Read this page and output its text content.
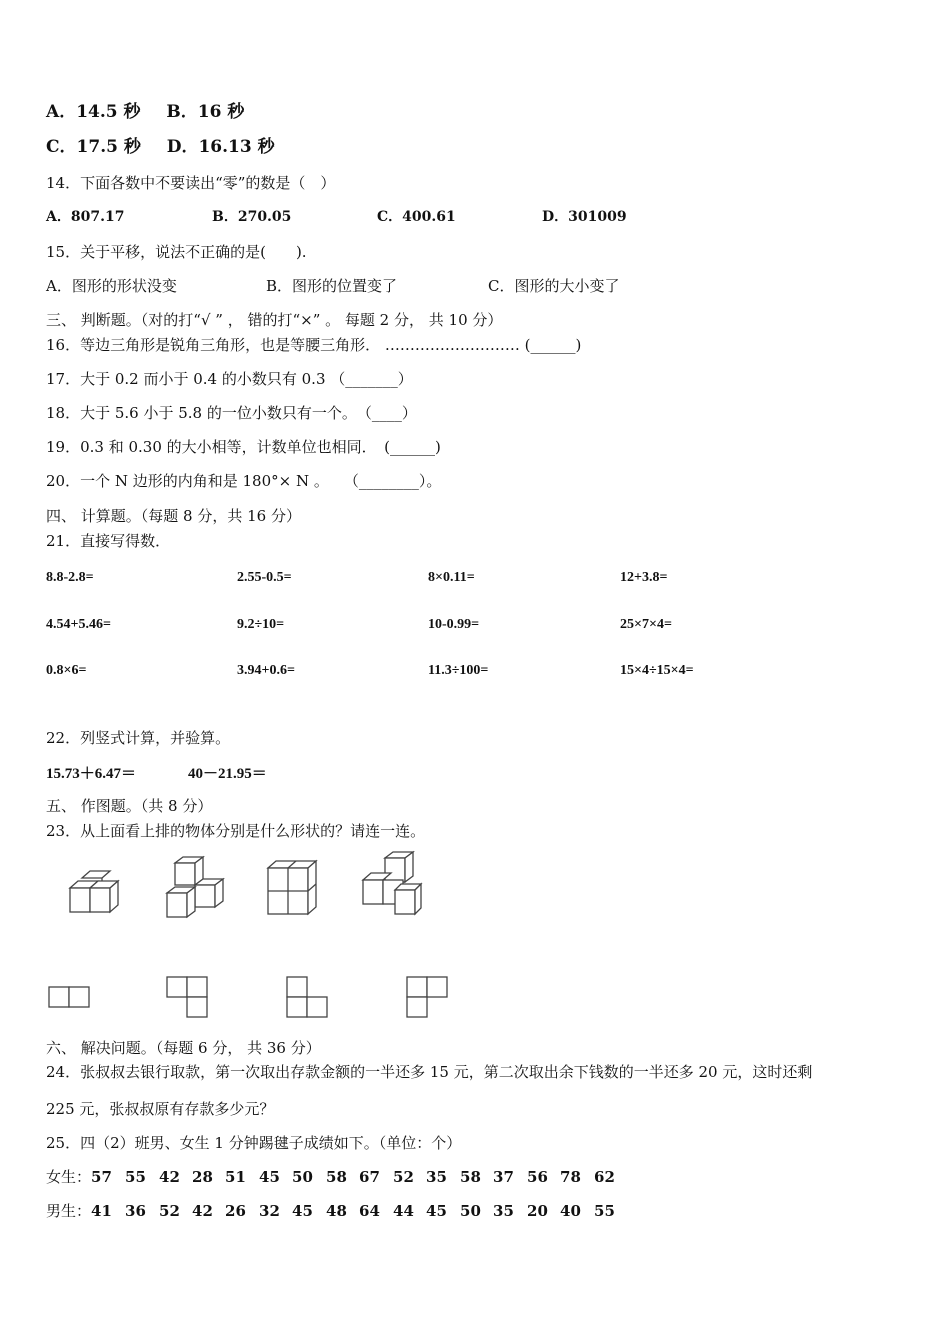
A．14.5 秒 B．16 秒
C．17.5 秒 D．16.13 秒
14．下面各数中不要读出“零”的数是（　）
A．807.17	B．270.05	C．400.61	D．301009
15．关于平移，说法不正确的是(　　).
A．图形的形状没变	B．图形的位置变了	C．图形的大小变了
三、 判断题。（对的打“√ ” ， 错的打“×” 。 每题 2 分， 共 10 分）
16．等边三角形是锐角三角形，也是等腰三角形． ……………………… (______)
17．大于 0.2 而小于 0.4 的小数只有 0.3 （_______）
18．大于 5.6 小于 5.8 的一位小数只有一个。　（____）
19．0.3 和 0.30 的大小相等，计数单位也相同．　(______)
20．一个 N 边形的内角和是 180°× N 。　　（________）。
四、 计算题。（每题 8 分，共 16 分）
21．直接写得数．
8.8-2.8=	2.55-0.5=	8×0.11=	12+3.8=
4.54+5.46=	9.2÷10=	10-0.99=	25×7×4=
0.8×6=	3.94+0.6=	11.3÷100=	15×4÷15×4=
22．列竖式计算，并验算。
15.73＋6.47＝	40－21.95＝
五、 作图题。（共 8 分）
23．从上面看上排的物体分别是什么形状的？请连一连。
六、 解决问题。（每题 6 分， 共 36 分）
24．张叔叔去银行取款，第一次取出存款金额的一半还多 15 元，第二次取出余下钱数的一半还多 20 元，这时还剩
225 元，张叔叔原有存款多少元？
25．四（2）班男、女生 1 分钟踢毽子成绩如下。（单位：个）
女生：57 55 42 28 51 45 50 58 67 52 35 58 37 56 78 62
男生：41 36 52 42 26 32 45 48 64 44 45 50 35 20 40 55
